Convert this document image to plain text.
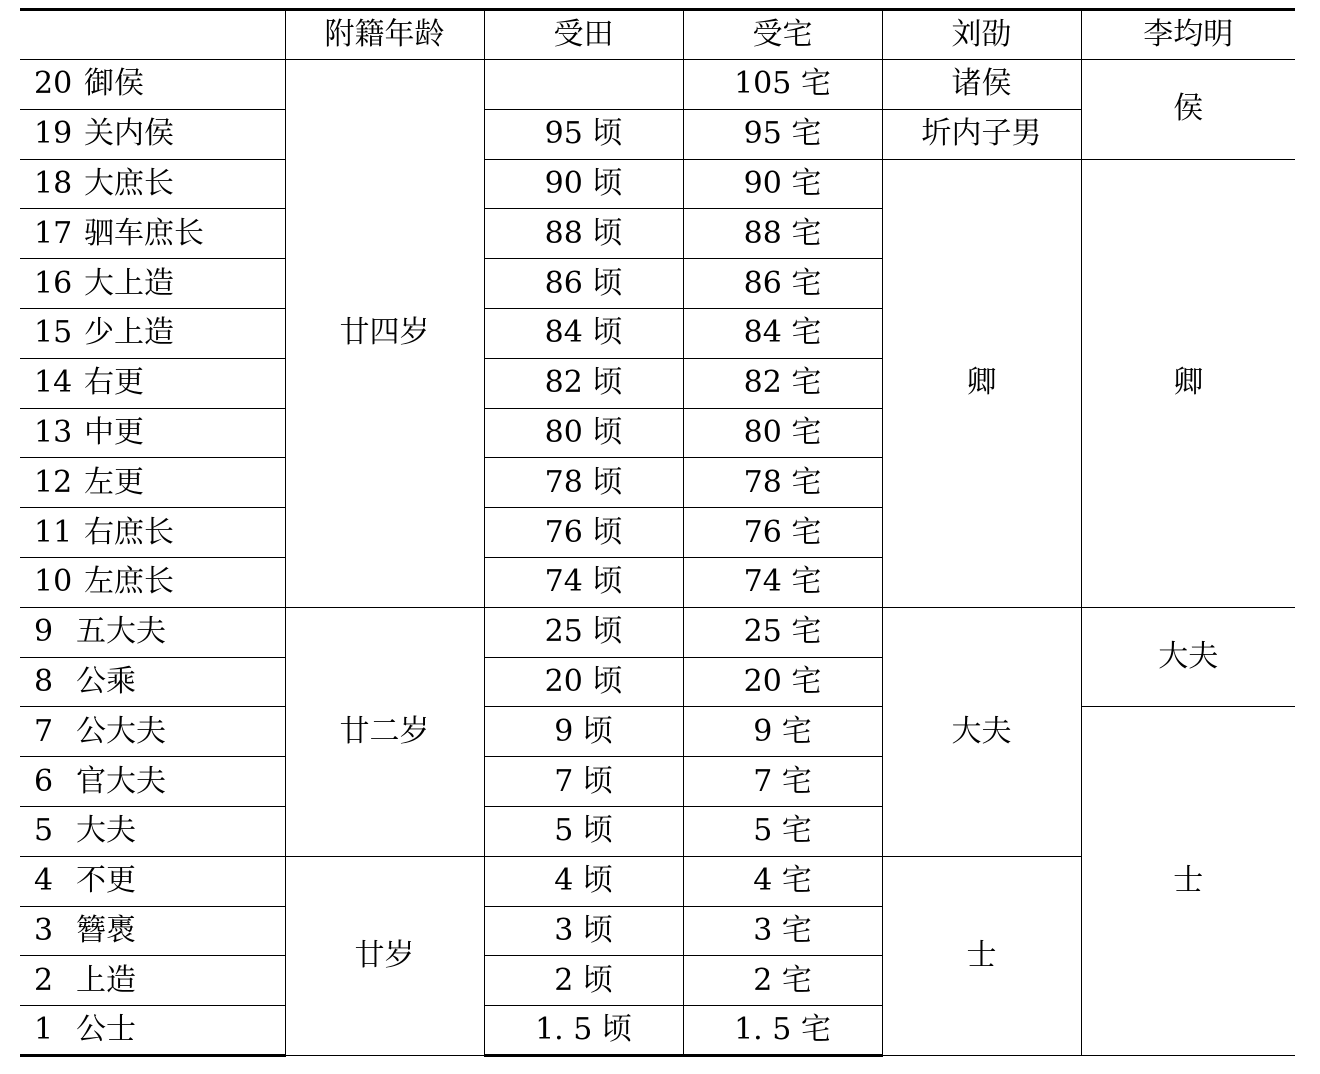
	附籍年龄	受田	受宅	刘劭	李均明
20 御侯	廿四岁		105 宅	诸侯	侯
19 关内侯		95 顷	95 宅	圻内子男	
18 大庶长		90 顷	90 宅	卿	卿
17 驷车庶长		88 顷	88 宅		
16 大上造		86 顷	86 宅		
15 少上造		84 顷	84 宅		
14 右更		82 顷	82 宅		
13 中更		80 顷	80 宅		
12 左更		78 顷	78 宅		
11 右庶长		76 顷	76 宅		
10 左庶长		74 顷	74 宅		
9 五大夫	廿二岁	25 顷	25 宅	大夫	大夫
8 公乘		20 顷	20 宅		
7 公大夫		9 顷	9 宅		士
6 官大夫		7 顷	7 宅		
5 大夫		5 顷	5 宅		
4 不更	廿岁	4 顷	4 宅	士	
3 簪褭		3 顷	3 宅		
2 上造		2 顷	2 宅		
1 公士		1. 5 顷	1. 5 宅		
